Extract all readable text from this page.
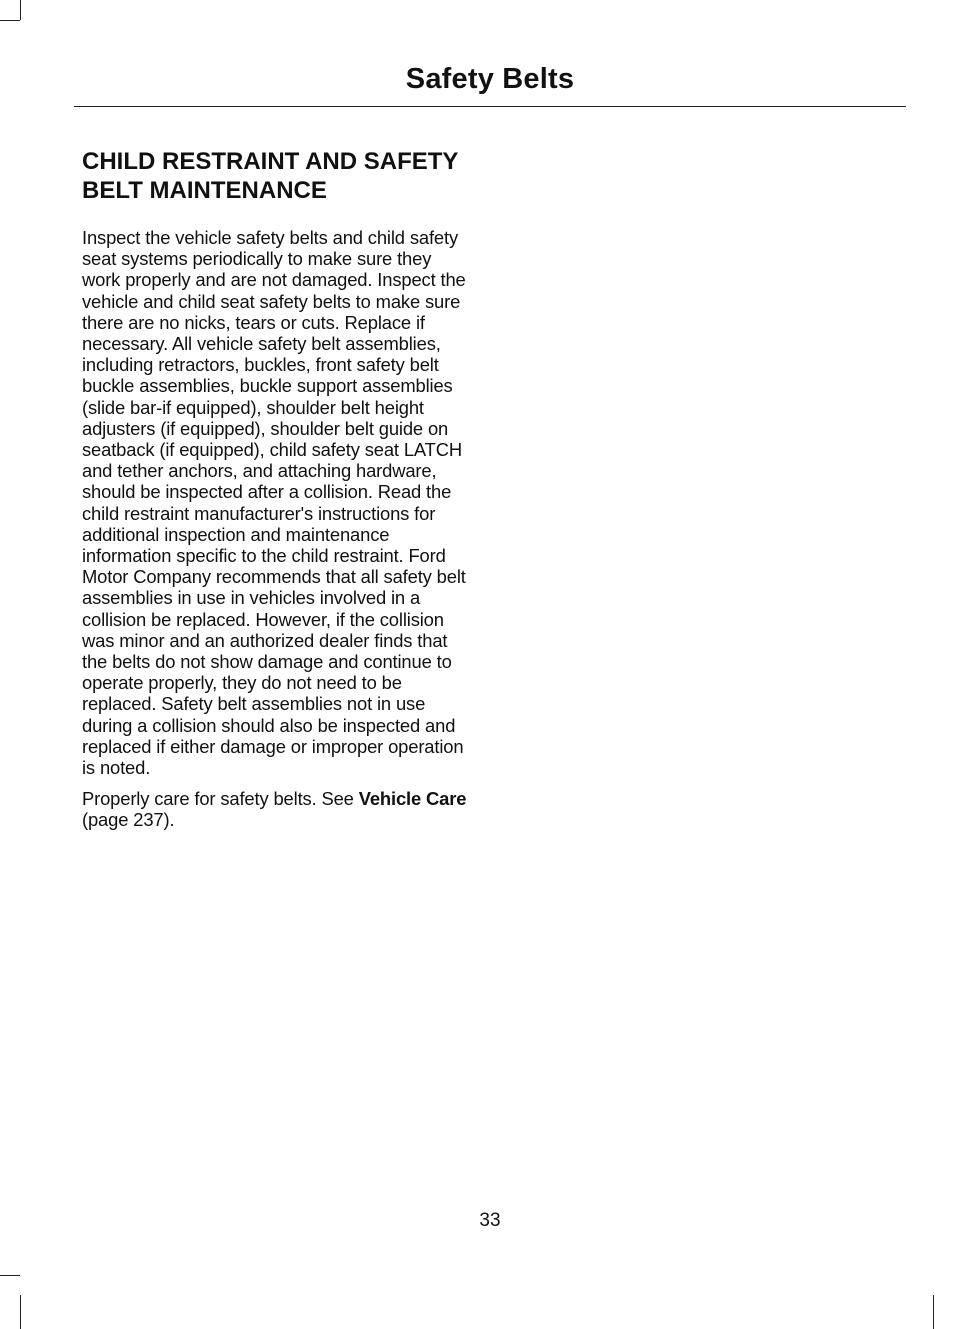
Safety Belts
CHILD RESTRAINT AND SAFETY BELT MAINTENANCE

Inspect the vehicle safety belts and child safety seat systems periodically to make sure they work properly and are not damaged. Inspect the vehicle and child seat safety belts to make sure there are no nicks, tears or cuts. Replace if necessary. All vehicle safety belt assemblies, including retractors, buckles, front safety belt buckle assemblies, buckle support assemblies (slide bar-if equipped), shoulder belt height adjusters (if equipped), shoulder belt guide on seatback (if equipped), child safety seat LATCH and tether anchors, and attaching hardware, should be inspected after a collision. Read the child restraint manufacturer's instructions for additional inspection and maintenance information specific to the child restraint. Ford Motor Company recommends that all safety belt assemblies in use in vehicles involved in a collision be replaced. However, if the collision was minor and an authorized dealer finds that the belts do not show damage and continue to operate properly, they do not need to be replaced. Safety belt assemblies not in use during a collision should also be inspected and replaced if either damage or improper operation is noted.

Properly care for safety belts. See Vehicle Care (page 237).

33
